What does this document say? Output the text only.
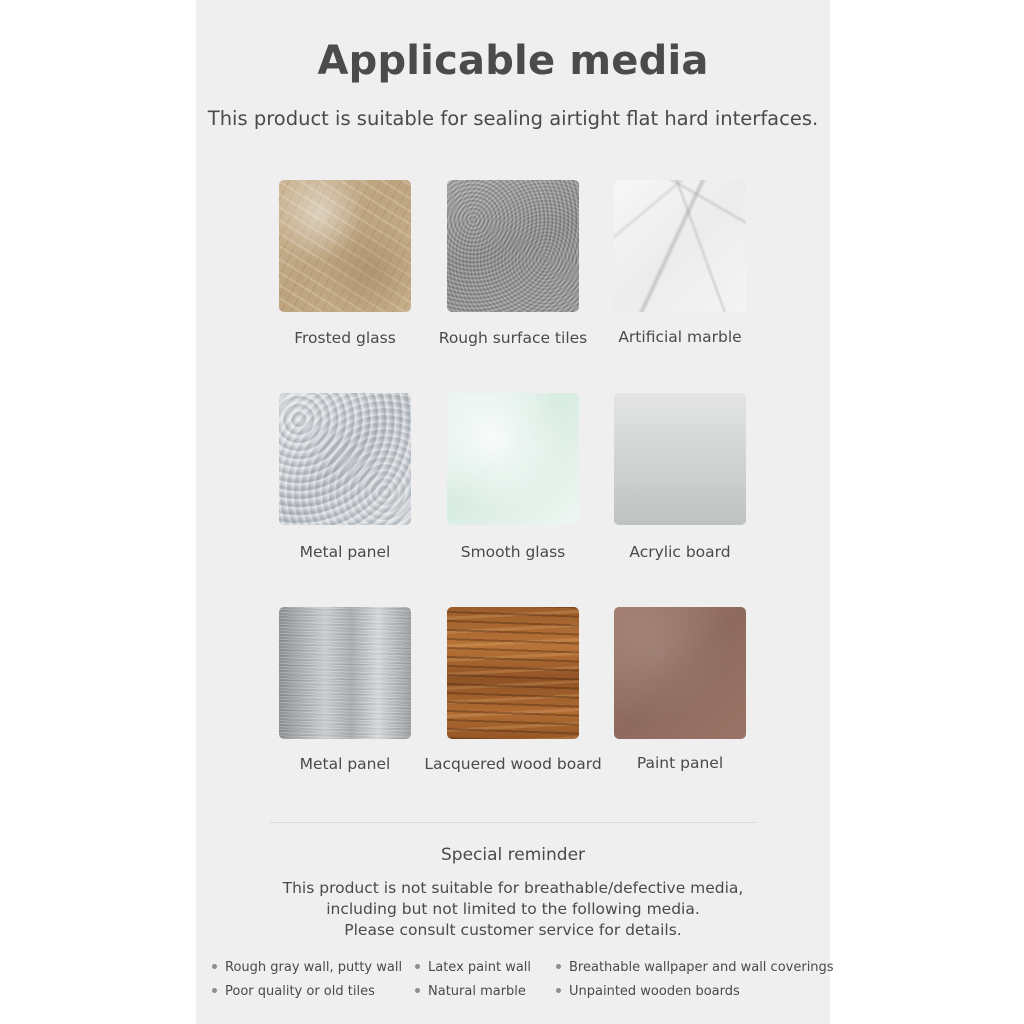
Applicable media
This product is suitable for sealing airtight flat hard interfaces.
Frosted glass	Rough surface tiles	Artificial marble
Metal panel	Smooth glass	Acrylic board
Metal panel	Lacquered wood board	Paint panel
Special reminder
This product is not suitable for breathable/defective media,
including but not limited to the following media.
Please consult customer service for details.
Rough gray wall, putty wall	Latex paint wall	Breathable wallpaper and wall coverings
Poor quality or old tiles	Natural marble	Unpainted wooden boards
